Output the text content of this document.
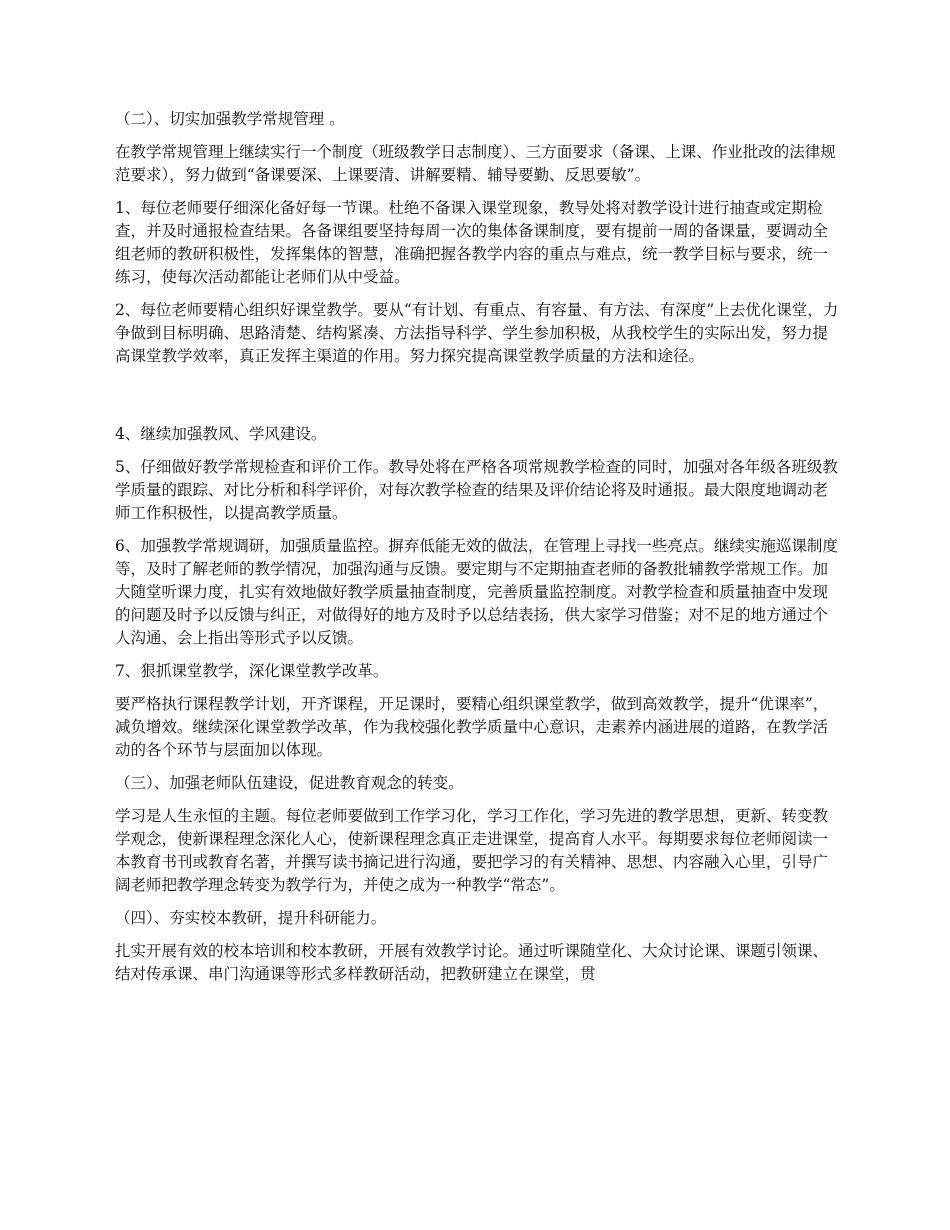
（二）、切实加强教学常规管理 。

在教学常规管理上继续实行一个制度（班级教学日志制度）、三方面要求（备课、上课、作业批改的法律规范要求），努力做到“备课要深、上课要清、讲解要精、辅导要勤、反思要敏”。

1、每位老师要仔细深化备好每一节课。杜绝不备课入课堂现象，教导处将对教学设计进行抽查或定期检查，并及时通报检查结果。各备课组要坚持每周一次的集体备课制度，要有提前一周的备课量，要调动全组老师的教研积极性，发挥集体的智慧，准确把握各教学内容的重点与难点，统一教学目标与要求，统一练习，使每次活动都能让老师们从中受益。

2、每位老师要精心组织好课堂教学。要从“有计划、有重点、有容量、有方法、有深度”上去优化课堂，力争做到目标明确、思路清楚、结构紧凑、方法指导科学、学生参加积极，从我校学生的实际出发，努力提高课堂教学效率，真正发挥主渠道的作用。努力探究提高课堂教学质量的方法和途径。

4、继续加强教风、学风建设。

5、仔细做好教学常规检查和评价工作。教导处将在严格各项常规教学检查的同时，加强对各年级各班级教学质量的跟踪、对比分析和科学评价，对每次教学检查的结果及评价结论将及时通报。最大限度地调动老师工作积极性，以提高教学质量。

6、加强教学常规调研，加强质量监控。摒弃低能无效的做法，在管理上寻找一些亮点。继续实施巡课制度等，及时了解老师的教学情况，加强沟通与反馈。要定期与不定期抽查老师的备教批辅教学常规工作。加大随堂听课力度，扎实有效地做好教学质量抽查制度，完善质量监控制度。对教学检查和质量抽查中发现的问题及时予以反馈与纠正，对做得好的地方及时予以总结表扬，供大家学习借鉴；对不足的地方通过个人沟通、会上指出等形式予以反馈。

7、狠抓课堂教学，深化课堂教学改革。

要严格执行课程教学计划，开齐课程，开足课时，要精心组织课堂教学，做到高效教学，提升“优课率”，减负增效。继续深化课堂教学改革，作为我校强化教学质量中心意识，走素养内涵进展的道路，在教学活动的各个环节与层面加以体现。

（三）、加强老师队伍建设，促进教育观念的转变。

学习是人生永恒的主题。每位老师要做到工作学习化，学习工作化，学习先进的教学思想，更新、转变教学观念，使新课程理念深化人心，使新课程理念真正走进课堂，提高育人水平。每期要求每位老师阅读一本教育书刊或教育名著，并撰写读书摘记进行沟通，要把学习的有关精神、思想、内容融入心里，引导广阔老师把教学理念转变为教学行为，并使之成为一种教学“常态”。

（四）、夯实校本教研，提升科研能力。

扎实开展有效的校本培训和校本教研，开展有效教学讨论。通过听课随堂化、大众讨论课、课题引领课、结对传承课、串门沟通课等形式多样教研活动，把教研建立在课堂，贯
